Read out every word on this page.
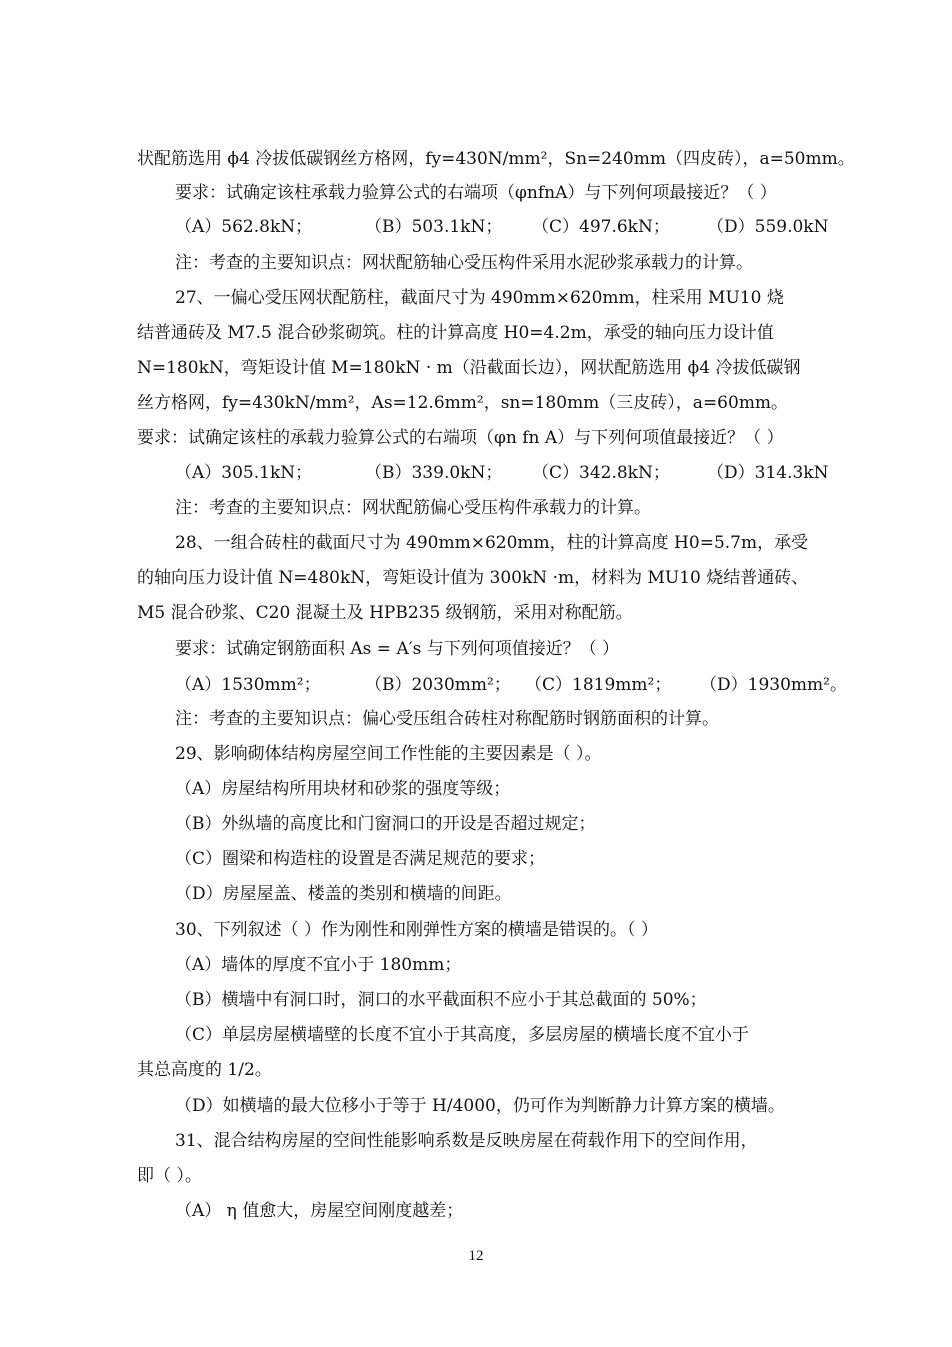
状配筋选用 ϕ4 冷拔低碳钢丝方格网，fy=430N/mm²，Sn=240mm（四皮砖），a=50mm。
要求：试确定该柱承载力验算公式的右端项（φnfnA）与下列何项最接近？（ ）
（A）562.8kN；	（B）503.1kN； （C）497.6kN； （D）559.0kN
注：考查的主要知识点：网状配筋轴心受压构件采用水泥砂浆承载力的计算。
27、一偏心受压网状配筋柱，截面尺寸为 490mm×620mm，柱采用 MU10 烧
结普通砖及 M7.5 混合砂浆砌筑。柱的计算高度 H0=4.2m，承受的轴向压力设计值
N=180kN，弯矩设计值 M=180kN · m（沿截面长边），网状配筋选用 ϕ4 冷拔低碳钢
丝方格网，fy=430kN/mm²，As=12.6mm²，sn=180mm（三皮砖），a=60mm。
要求：试确定该柱的承载力验算公式的右端项（φn fn A）与下列何项值最接近？（ ）
（A）305.1kN；	（B）339.0kN； （C）342.8kN； （D）314.3kN
注：考查的主要知识点：网状配筋偏心受压构件承载力的计算。
28、一组合砖柱的截面尺寸为 490mm×620mm，柱的计算高度 H0=5.7m，承受
的轴向压力设计值 N=480kN，弯矩设计值为 300kN ·m，材料为 MU10 烧结普通砖、
M5 混合砂浆、C20 混凝土及 HPB235 级钢筋，采用对称配筋。
要求：试确定钢筋面积 As = A′s 与下列何项值接近？（ ）
（A）1530mm²；	（B）2030mm²； （C）1819mm²； （D）1930mm²。
注：考查的主要知识点：偏心受压组合砖柱对称配筋时钢筋面积的计算。
29、影响砌体结构房屋空间工作性能的主要因素是（ ）。
（A）房屋结构所用块材和砂浆的强度等级；
（B）外纵墙的高度比和门窗洞口的开设是否超过规定；
（C）圈梁和构造柱的设置是否满足规范的要求；
（D）房屋屋盖、楼盖的类别和横墙的间距。
30、下列叙述（ ）作为刚性和刚弹性方案的横墙是错误的。（ ）
（A）墙体的厚度不宜小于 180mm；
（B）横墙中有洞口时，洞口的水平截面积不应小于其总截面的 50%；
（C）单层房屋横墙壁的长度不宜小于其高度，多层房屋的横墙长度不宜小于
其总高度的 1/2。
（D）如横墙的最大位移小于等于 H/4000，仍可作为判断静力计算方案的横墙。
31、混合结构房屋的空间性能影响系数是反映房屋在荷载作用下的空间作用，
即（ ）。
（A） η 值愈大，房屋空间刚度越差；
12
